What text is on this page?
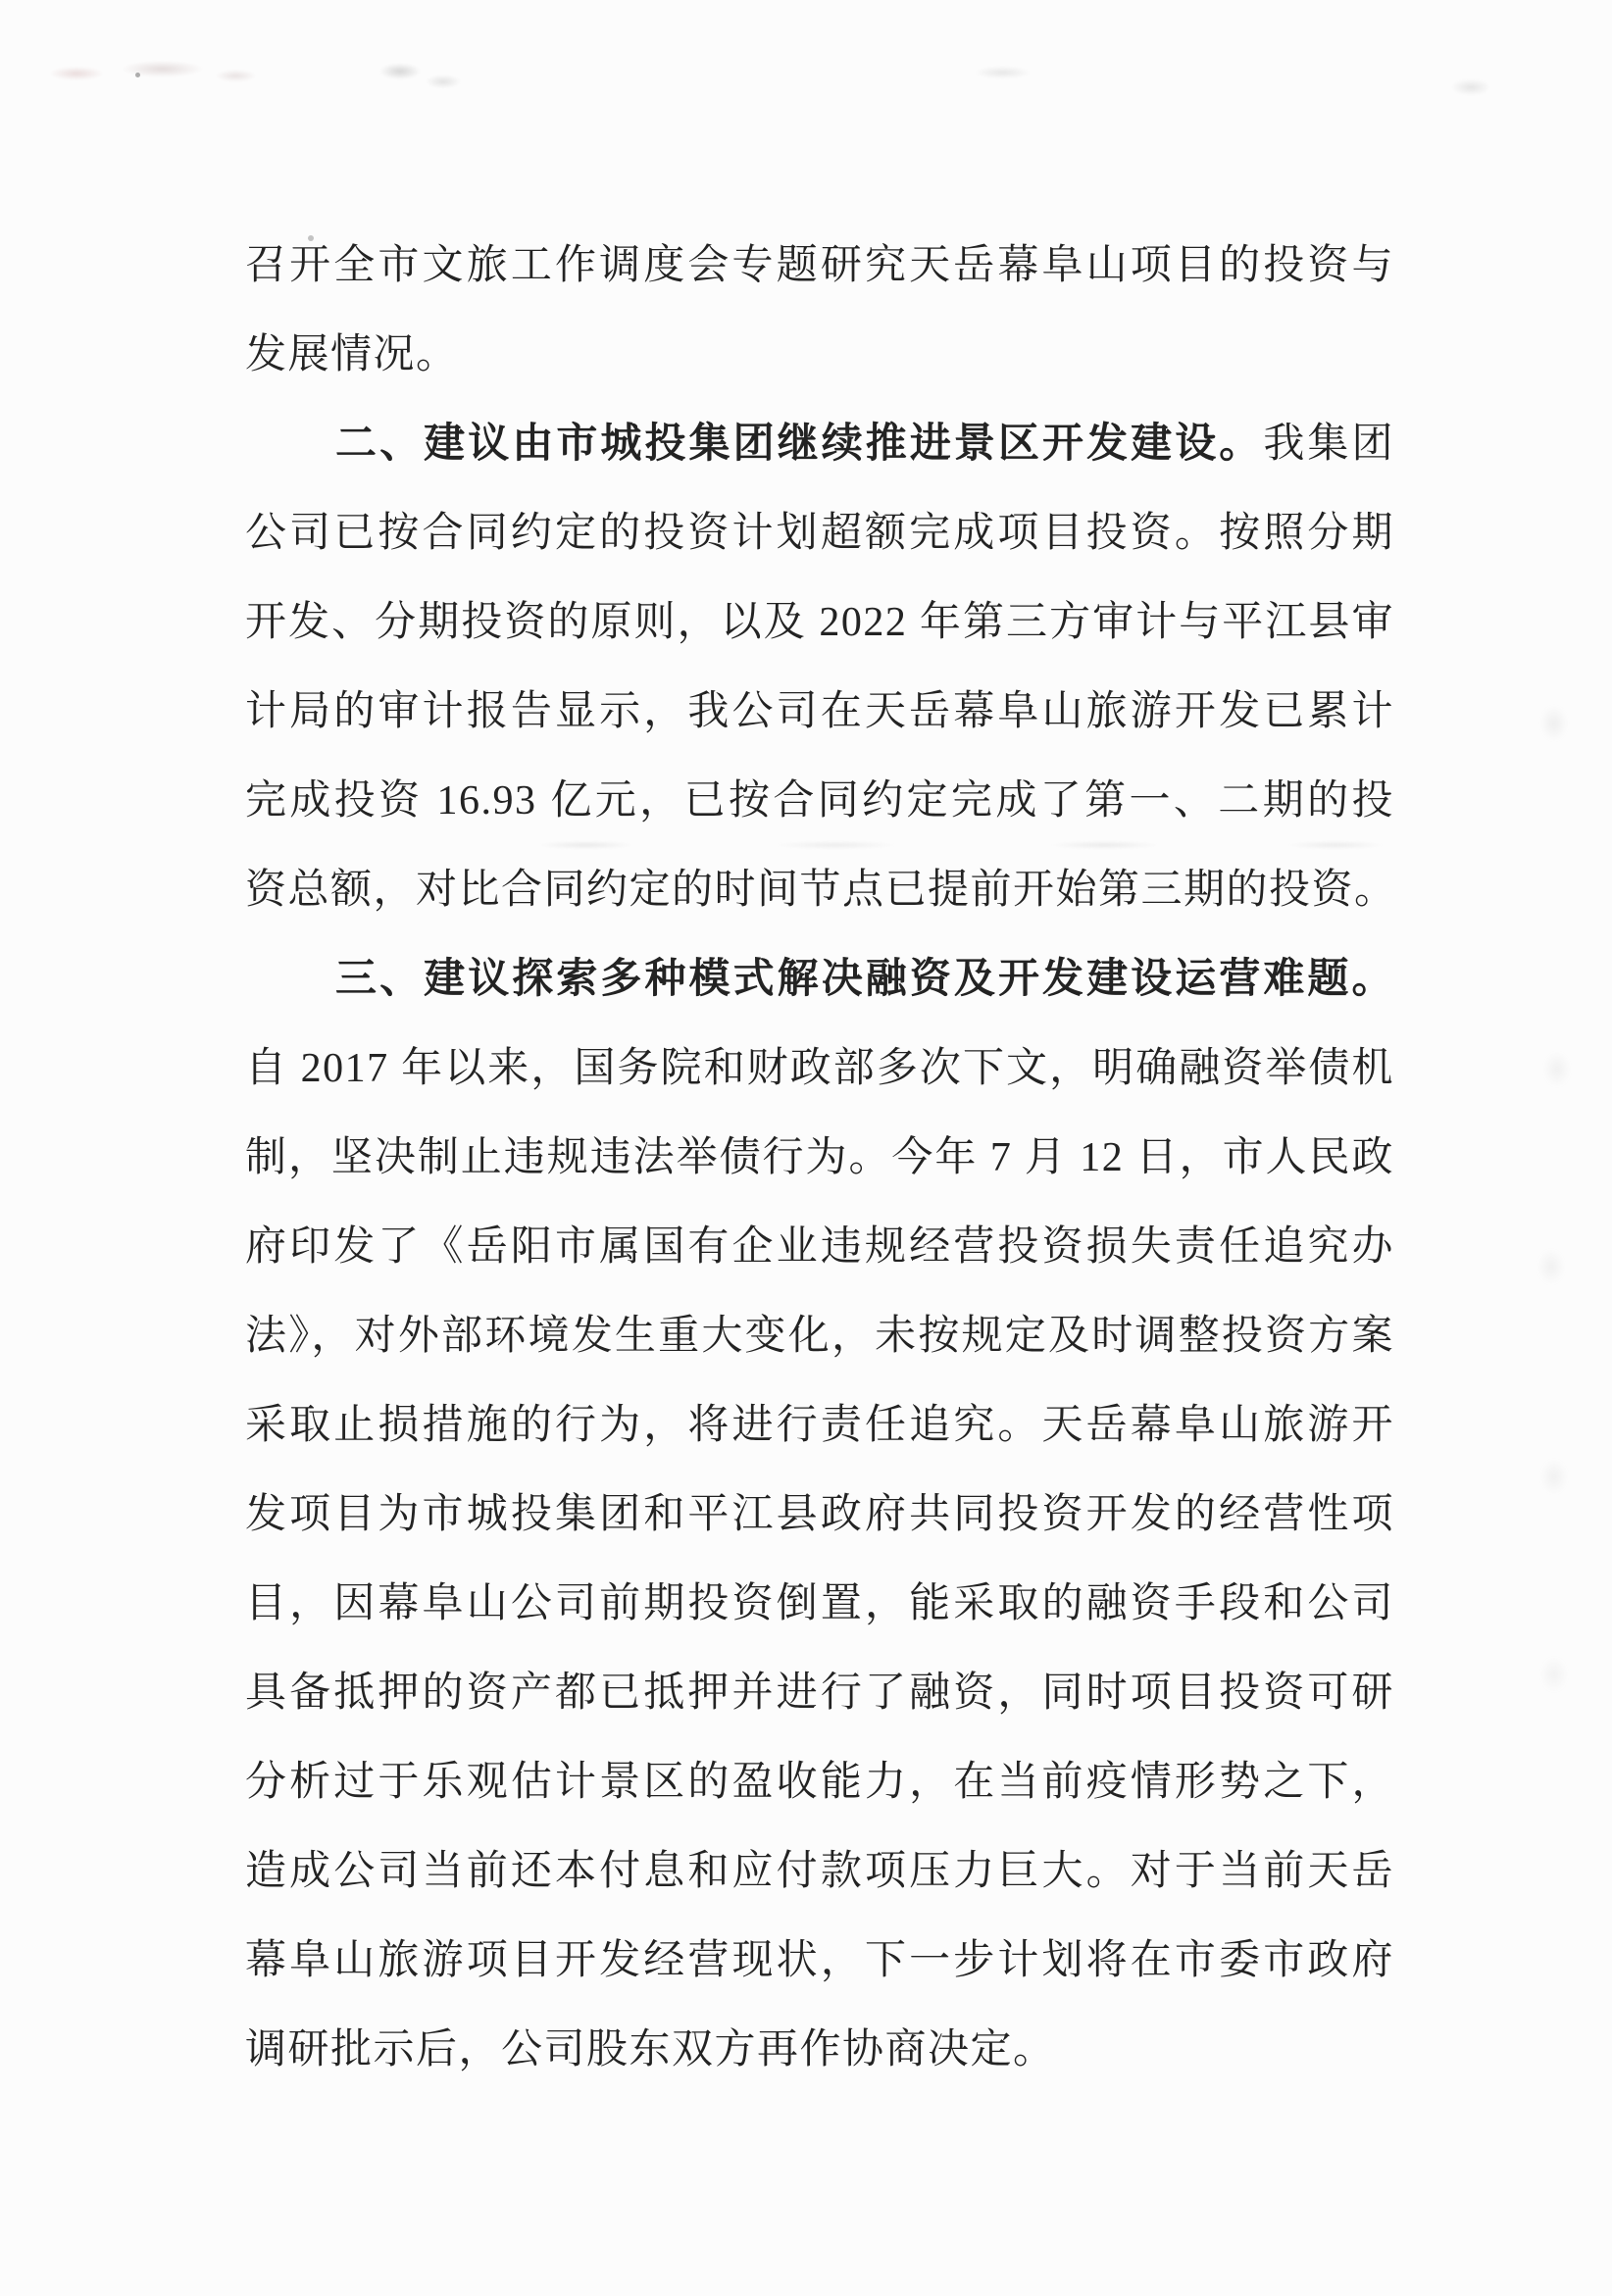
召开全市文旅工作调度会专题研究天岳幕阜山项目的投资与
发展情况。
二、建议由市城投集团继续推进景区开发建设。我集团
公司已按合同约定的投资计划超额完成项目投资。按照分期
开发、分期投资的原则，以及 2022 年第三方审计与平江县审
计局的审计报告显示，我公司在天岳幕阜山旅游开发已累计
完成投资 16.93 亿元，已按合同约定完成了第一、二期的投
资总额，对比合同约定的时间节点已提前开始第三期的投资。
三、建议探索多种模式解决融资及开发建设运营难题。
自 2017 年以来，国务院和财政部多次下文，明确融资举债机
制，坚决制止违规违法举债行为。今年 7 月 12 日，市人民政
府印发了《岳阳市属国有企业违规经营投资损失责任追究办
法》，对外部环境发生重大变化，未按规定及时调整投资方案
采取止损措施的行为，将进行责任追究。天岳幕阜山旅游开
发项目为市城投集团和平江县政府共同投资开发的经营性项
目，因幕阜山公司前期投资倒置，能采取的融资手段和公司
具备抵押的资产都已抵押并进行了融资，同时项目投资可研
分析过于乐观估计景区的盈收能力，在当前疫情形势之下，
造成公司当前还本付息和应付款项压力巨大。对于当前天岳
幕阜山旅游项目开发经营现状，下一步计划将在市委市政府
调研批示后，公司股东双方再作协商决定。
